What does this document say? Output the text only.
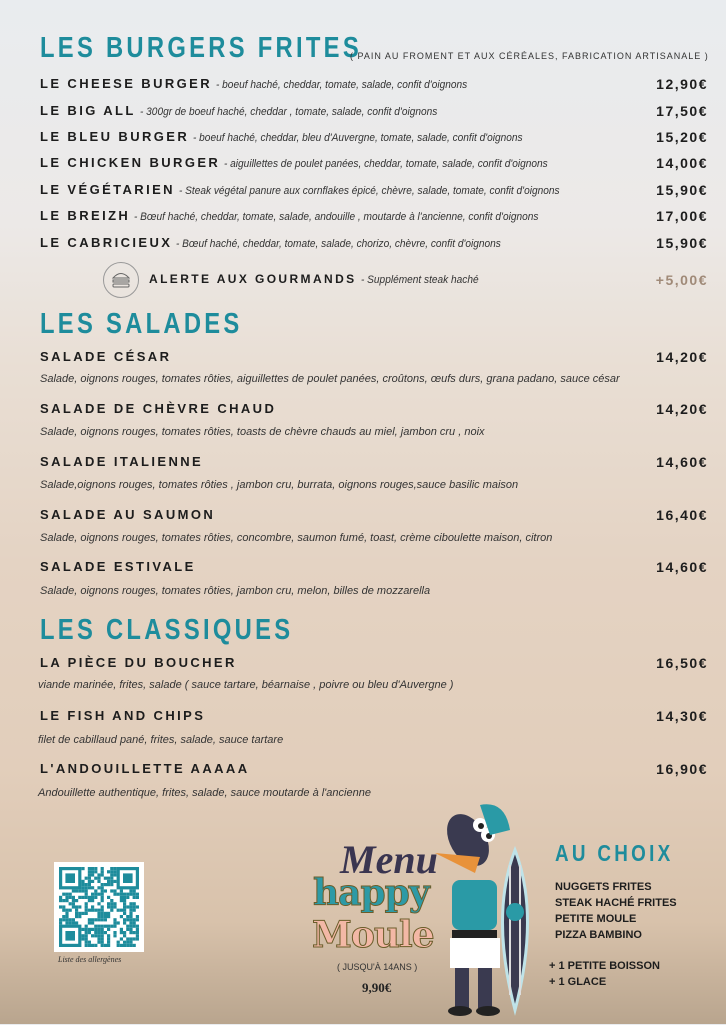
LES BURGERS FRITES
( PAIN AU FROMENT ET AUX CÉRÉALES, FABRICATION ARTISANALE )
LE CHEESE BURGER - boeuf haché, cheddar, tomate, salade, confit d'oignons	12,90€
LE BIG ALL - 300gr de boeuf haché, cheddar , tomate, salade, confit d'oignons	17,50€
LE BLEU BURGER - boeuf haché, cheddar, bleu d'Auvergne, tomate, salade, confit d'oignons	15,20€
LE CHICKEN BURGER - aiguillettes de poulet panées, cheddar, tomate, salade, confit d'oignons	14,00€
LE VÉGÉTARIEN - Steak végétal panure aux cornflakes épicé, chèvre, salade, tomate, confit d'oignons	15,90€
LE BREIZH - Bœuf haché, cheddar, tomate, salade, andouille , moutarde à l'ancienne, confit d'oignons	17,00€
LE CABRICIEUX - Bœuf haché, cheddar, tomate, salade, chorizo, chèvre, confit d'oignons	15,90€
ALERTE AUX GOURMANDS - Supplément steak haché	+5,00€
LES SALADES
SALADE CÉSAR	14,20€
Salade, oignons rouges, tomates rôties, aiguillettes de poulet panées, croûtons, œufs durs, grana padano, sauce césar
SALADE DE CHÈVRE CHAUD	14,20€
Salade, oignons rouges, tomates rôties, toasts de chèvre chauds au miel, jambon cru , noix
SALADE ITALIENNE	14,60€
Salade,oignons rouges, tomates rôties , jambon cru, burrata, oignons rouges,sauce basilic maison
SALADE AU SAUMON	16,40€
Salade, oignons rouges, tomates rôties, concombre, saumon fumé, toast, crème ciboulette maison, citron
SALADE ESTIVALE	14,60€
Salade, oignons rouges, tomates rôties, jambon cru, melon, billes de mozzarella
LES CLASSIQUES
LA PIÈCE DU BOUCHER	16,50€
viande marinée, frites, salade ( sauce tartare, béarnaise , poivre ou bleu d'Auvergne )
LE FISH AND CHIPS	14,30€
filet de cabillaud pané, frites, salade, sauce tartare
L'ANDOUILLETTE AAAAA	16,90€
Andouillette authentique, frites, salade, sauce moutarde à l'ancienne
Liste des allergènes
Menu
happy
Moule
( JUSQU'À 14ANS )
9,90€
AU CHOIX
NUGGETS FRITES
STEAK HACHÉ FRITES
PETITE MOULE
PIZZA BAMBINO
+ 1 PETITE BOISSON
+ 1 GLACE
